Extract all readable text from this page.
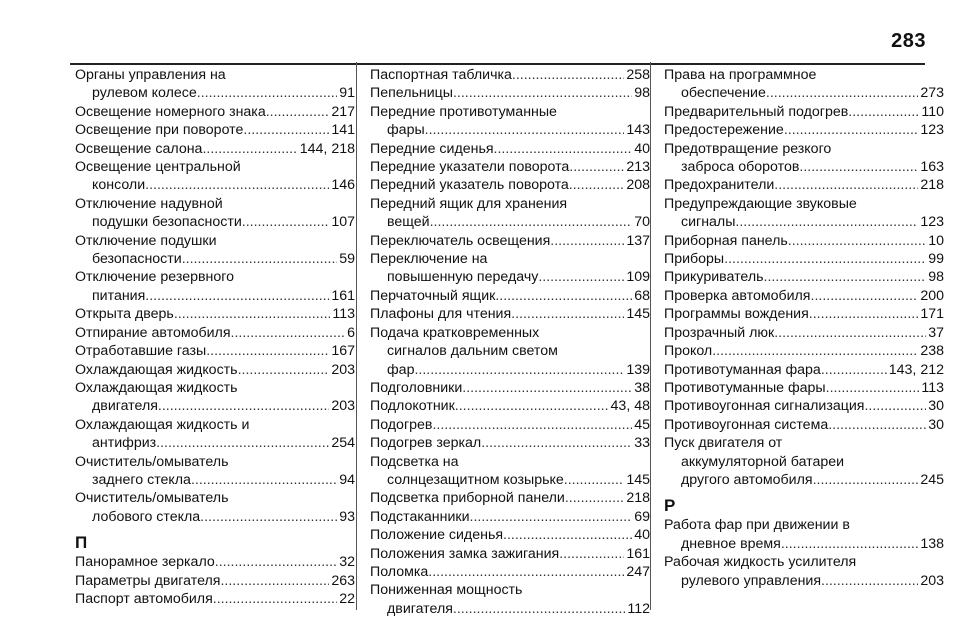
283
Органы управления на
рулевом колесе .....	91
Освещение номерного знака .....	217
Освещение при повороте .....	141
Освещение салона .....	144, 218
Освещение центральной
консоли .....	146
Отключение надувной
подушки безопасности .....	107
Отключение подушки
безопасности .....	59
Отключение резервного
питания .....	161
Открыта дверь .....	113
Отпирание автомобиля .....	6
Отработавшие газы .....	167
Охлаждающая жидкость .....	203
Охлаждающая жидкость
двигателя .....	203
Охлаждающая жидкость и
антифриз .....	254
Очиститель/омыватель
заднего стекла .....	94
Очиститель/омыватель
лобового стекла .....	93
П
Панорамное зеркало .....	32
Параметры двигателя .....	263
Паспорт автомобиля .....	22
Паспортная табличка .....	258
Пепельницы .....	98
Передние противотуманные
фары .....	143
Передние сиденья .....	40
Передние указатели поворота .....	213
Передний указатель поворота .....	208
Передний ящик для хранения
вещей .....	70
Переключатель освещения .....	137
Переключение на
повышенную передачу .....	109
Перчаточный ящик .....	68
Плафоны для чтения .....	145
Подача кратковременных
сигналов дальним светом
фар .....	139
Подголовники .....	38
Подлокотник .....	43, 48
Подогрев .....	45
Подогрев зеркал .....	33
Подсветка на
солнцезащитном козырьке .....	145
Подсветка приборной панели .....	218
Подстаканники .....	69
Положение сиденья .....	40
Положения замка зажигания .....	161
Поломка .....	247
Пониженная мощность
двигателя .....	112
Права на программное
обеспечение .....	273
Предварительный подогрев .....	110
Предостережение .....	123
Предотвращение резкого
заброса оборотов .....	163
Предохранители .....	218
Предупреждающие звуковые
сигналы .....	123
Приборная панель .....	10
Приборы .....	99
Прикуриватель .....	98
Проверка автомобиля .....	200
Программы вождения .....	171
Прозрачный люк .....	37
Прокол .....	238
Противотуманная фара .....	143, 212
Противотуманные фары .....	113
Противоугонная сигнализация .....	30
Противоугонная система .....	30
Пуск двигателя от
аккумуляторной батареи
другого автомобиля .....	245
Р
Работа фар при движении в
дневное время .....	138
Рабочая жидкость усилителя
рулевого управления .....	203
